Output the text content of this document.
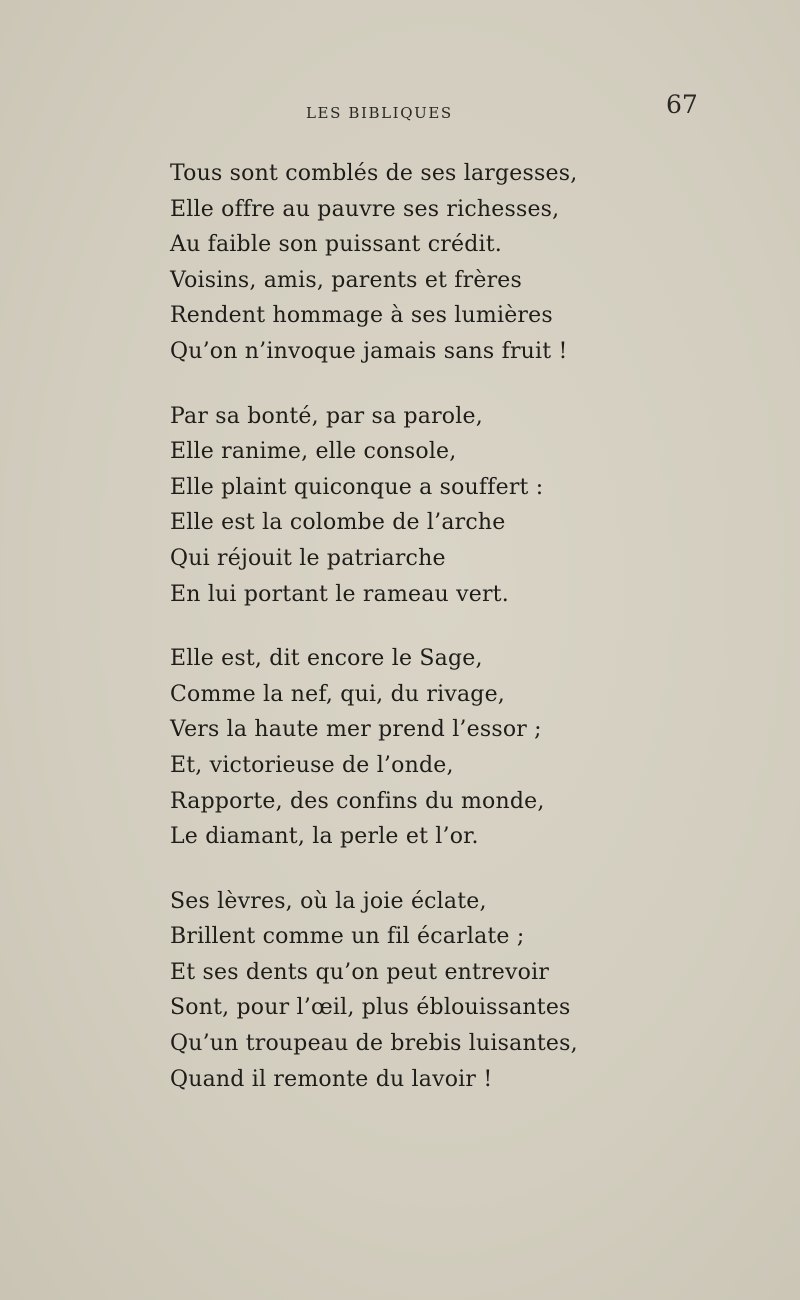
LES BIBLIQUES	67
Tous sont comblés de ses largesses,
Elle offre au pauvre ses richesses,
Au faible son puissant crédit.
Voisins, amis, parents et frères
Rendent hommage à ses lumières
Qu’on n’invoque jamais sans fruit !
Par sa bonté, par sa parole,
Elle ranime, elle console,
Elle plaint quiconque a souffert :
Elle est la colombe de l’arche
Qui réjouit le patriarche
En lui portant le rameau vert.
Elle est, dit encore le Sage,
Comme la nef, qui, du rivage,
Vers la haute mer prend l’essor ;
Et, victorieuse de l’onde,
Rapporte, des confins du monde,
Le diamant, la perle et l’or.
Ses lèvres, où la joie éclate,
Brillent comme un fil écarlate ;
Et ses dents qu’on peut entrevoir
Sont, pour l’œil, plus éblouissantes
Qu’un troupeau de brebis luisantes,
Quand il remonte du lavoir !
